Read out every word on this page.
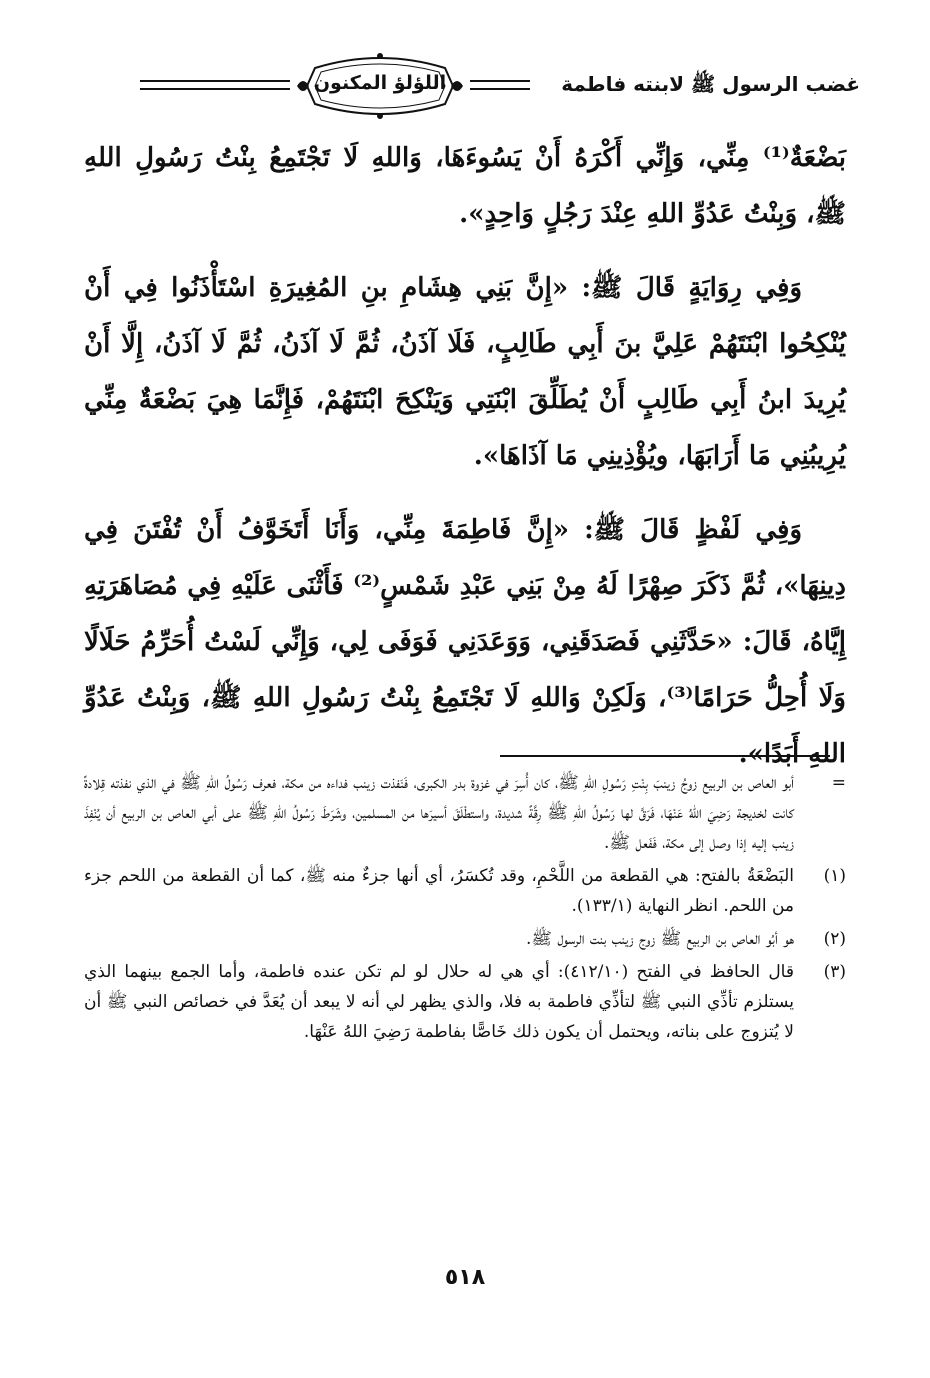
غضب الرسول ﷺ لابنته فاطمة
اللؤلؤ المكنون

بَضْعَةٌ⁽¹⁾ مِنِّي، وَإِنِّي أَكْرَهُ أَنْ يَسُوءَهَا، وَاللهِ لَا تَجْتَمِعُ بِنْتُ رَسُولِ اللهِ ﷺ، وَبِنْتُ عَدُوِّ اللهِ عِنْدَ رَجُلٍ وَاحِدٍ».

وَفِي رِوَايَةٍ قَالَ ﷺ: «إِنَّ بَنِي هِشَامِ بنِ المُغِيرَةِ اسْتَأْذَنُوا فِي أَنْ يُنْكِحُوا ابْنَتَهُمْ عَلِيَّ بنَ أَبِي طَالِبٍ، فَلَا آذَنُ، ثُمَّ لَا آذَنُ، ثُمَّ لَا آذَنُ، إِلَّا أَنْ يُرِيدَ ابنُ أَبِي طَالِبٍ أَنْ يُطَلِّقَ ابْنَتِي وَيَنْكِحَ ابْنَتَهُمْ، فَإِنَّمَا هِيَ بَضْعَةٌ مِنِّي يُرِيبُنِي مَا أَرَابَهَا، ويُؤْذِينِي مَا آذَاهَا».

وَفِي لَفْظٍ قَالَ ﷺ: «إِنَّ فَاطِمَةَ مِنِّي، وَأَنَا أَتَخَوَّفُ أَنْ تُفْتَنَ فِي دِينِهَا»، ثُمَّ ذَكَرَ صِهْرًا لَهُ مِنْ بَنِي عَبْدِ شَمْسٍ⁽²⁾ فَأَثْنَى عَلَيْهِ فِي مُصَاهَرَتِهِ إِيَّاهُ، قَالَ: «حَدَّثَنِي فَصَدَقَنِي، وَوَعَدَنِي فَوَفَى لِي، وَإِنِّي لَسْتُ أُحَرِّمُ حَلَالًا وَلَا أُحِلُّ حَرَامًا⁽³⁾، وَلَكِنْ وَاللهِ لَا تَجْتَمِعُ بِنْتُ رَسُولِ اللهِ ﷺ، وَبِنْتُ عَدُوِّ اللهِ أَبَدًا».

=
أبو العاص بن الربيع زوجُ زينبَ بِنْتِ رَسُولِ اللهِ ﷺ، كان أُسِرَ في غزوة بدر الكبرى، فَنَفذت زينب فداءه من مكة، فعرف رَسُولُ اللهِ ﷺ في الذي نفذته قِلادةً كانت لخديجة رَضِيَ اللهُ عَنْهَا، فَرَقَّ لها رَسُولُ اللهِ ﷺ رِقَّةً شديدة، واستطْلَقَ أسيرَها من المسلمين، وشَرَطَ رَسُولُ اللهِ ﷺ على أبي العاص بن الربيع أن يُنْفِذَ زينب إليه إذا وصل إلى مكة، فَفَعل ﷺ.
(١)
البَضْعَةُ بالفتح: هي القطعة من اللَّحْمِ، وقد تُكسَرُ، أي أنها جزءٌ منه ﷺ، كما أن القطعة من اللحم جزء من اللحم. انظر النهاية (١٣٣/١).
(٢)
هو أبُو العاص بن الربيع ﷺ زوج زينب بنت الرسول ﷺ.
(٣)
قال الحافظ في الفتح (٤١٢/١٠): أي هي له حلال لو لم تكن عنده فاطمة، وأما الجمع بينهما الذي يستلزم تأذِّي النبي ﷺ لتأذِّي فاطمة به فلا، والذي يظهر لي أنه لا يبعد أن يُعَدَّ في خصائص النبي ﷺ أن لا يُتزوج على بناته، ويحتمل أن يكون ذلك خَاصًّا بفاطمة رَضِيَ اللهُ عَنْهَا.
٥١٨
